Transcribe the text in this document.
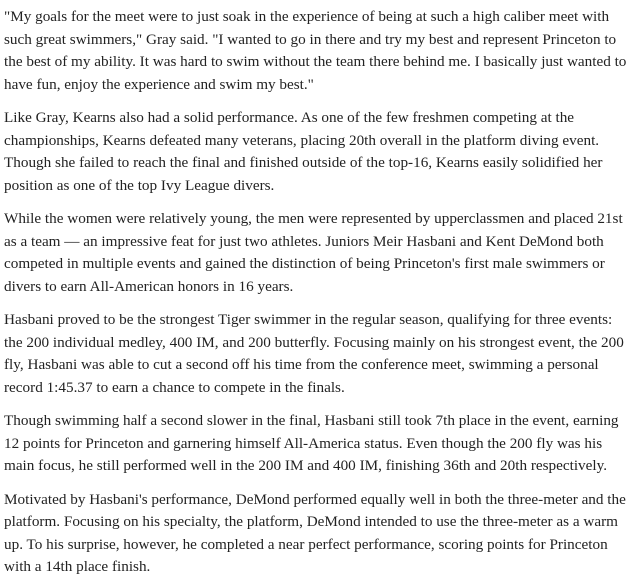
"My goals for the meet were to just soak in the experience of being at such a high caliber meet with such great swimmers," Gray said. "I wanted to go in there and try my best and represent Princeton to the best of my ability. It was hard to swim without the team there behind me. I basically just wanted to have fun, enjoy the experience and swim my best."

Like Gray, Kearns also had a solid performance. As one of the few freshmen competing at the championships, Kearns defeated many veterans, placing 20th overall in the platform diving event. Though she failed to reach the final and finished outside of the top-16, Kearns easily solidified her position as one of the top Ivy League divers.

While the women were relatively young, the men were represented by upperclassmen and placed 21st as a team — an impressive feat for just two athletes. Juniors Meir Hasbani and Kent DeMond both competed in multiple events and gained the distinction of being Princeton's first male swimmers or divers to earn All-American honors in 16 years.

Hasbani proved to be the strongest Tiger swimmer in the regular season, qualifying for three events: the 200 individual medley, 400 IM, and 200 butterfly. Focusing mainly on his strongest event, the 200 fly, Hasbani was able to cut a second off his time from the conference meet, swimming a personal record 1:45.37 to earn a chance to compete in the finals.

Though swimming half a second slower in the final, Hasbani still took 7th place in the event, earning 12 points for Princeton and garnering himself All-America status. Even though the 200 fly was his main focus, he still performed well in the 200 IM and 400 IM, finishing 36th and 20th respectively.

Motivated by Hasbani's performance, DeMond performed equally well in both the three-meter and the platform. Focusing on his specialty, the platform, DeMond intended to use the three-meter as a warm up. To his surprise, however, he completed a near perfect performance, scoring points for Princeton with a 14th place finish.
